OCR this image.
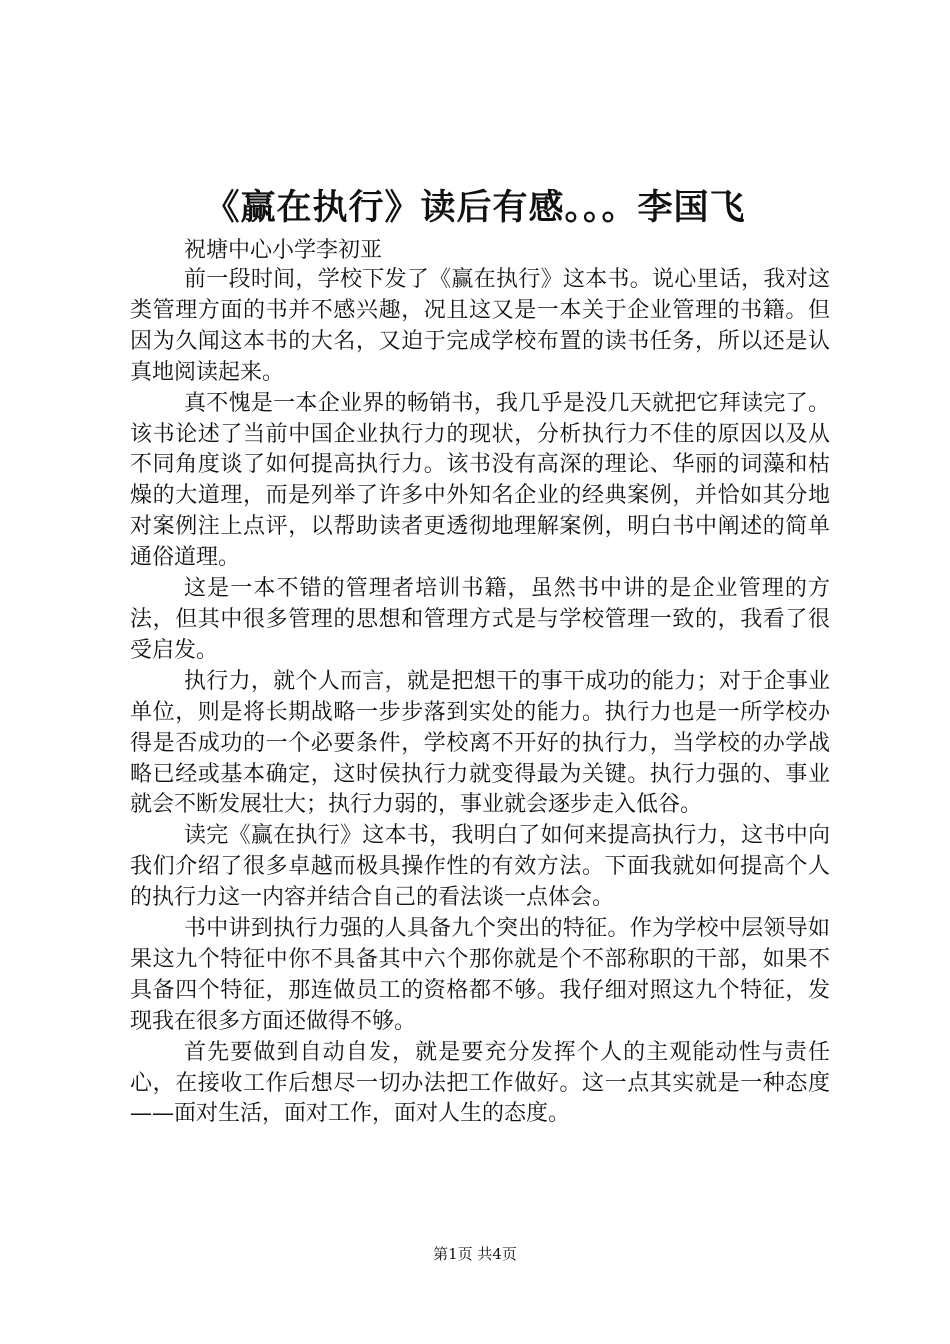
《赢在执行》读后有感。。。李国飞
祝塘中心小学李初亚

前一段时间，学校下发了《赢在执行》这本书。说心里话，我对这类管理方面的书并不感兴趣，况且这又是一本关于企业管理的书籍。但因为久闻这本书的大名，又迫于完成学校布置的读书任务，所以还是认真地阅读起来。

真不愧是一本企业界的畅销书，我几乎是没几天就把它拜读完了。该书论述了当前中国企业执行力的现状，分析执行力不佳的原因以及从不同角度谈了如何提高执行力。该书没有高深的理论、华丽的词藻和枯燥的大道理，而是列举了许多中外知名企业的经典案例，并恰如其分地对案例注上点评，以帮助读者更透彻地理解案例，明白书中阐述的简单通俗道理。

这是一本不错的管理者培训书籍，虽然书中讲的是企业管理的方法，但其中很多管理的思想和管理方式是与学校管理一致的，我看了很受启发。

执行力，就个人而言，就是把想干的事干成功的能力；对于企事业单位，则是将长期战略一步步落到实处的能力。执行力也是一所学校办得是否成功的一个必要条件，学校离不开好的执行力，当学校的办学战略已经或基本确定，这时侯执行力就变得最为关键。执行力强的、事业就会不断发展壮大；执行力弱的，事业就会逐步走入低谷。

读完《赢在执行》这本书，我明白了如何来提高执行力，这书中向我们介绍了很多卓越而极具操作性的有效方法。下面我就如何提高个人的执行力这一内容并结合自己的看法谈一点体会。

书中讲到执行力强的人具备九个突出的特征。作为学校中层领导如果这九个特征中你不具备其中六个那你就是个不部称职的干部，如果不具备四个特征，那连做员工的资格都不够。我仔细对照这九个特征，发现我在很多方面还做得不够。

首先要做到自动自发，就是要充分发挥个人的主观能动性与责任心，在接收工作后想尽一切办法把工作做好。这一点其实就是一种态度——面对生活，面对工作，面对人生的态度。

第1页 共4页
